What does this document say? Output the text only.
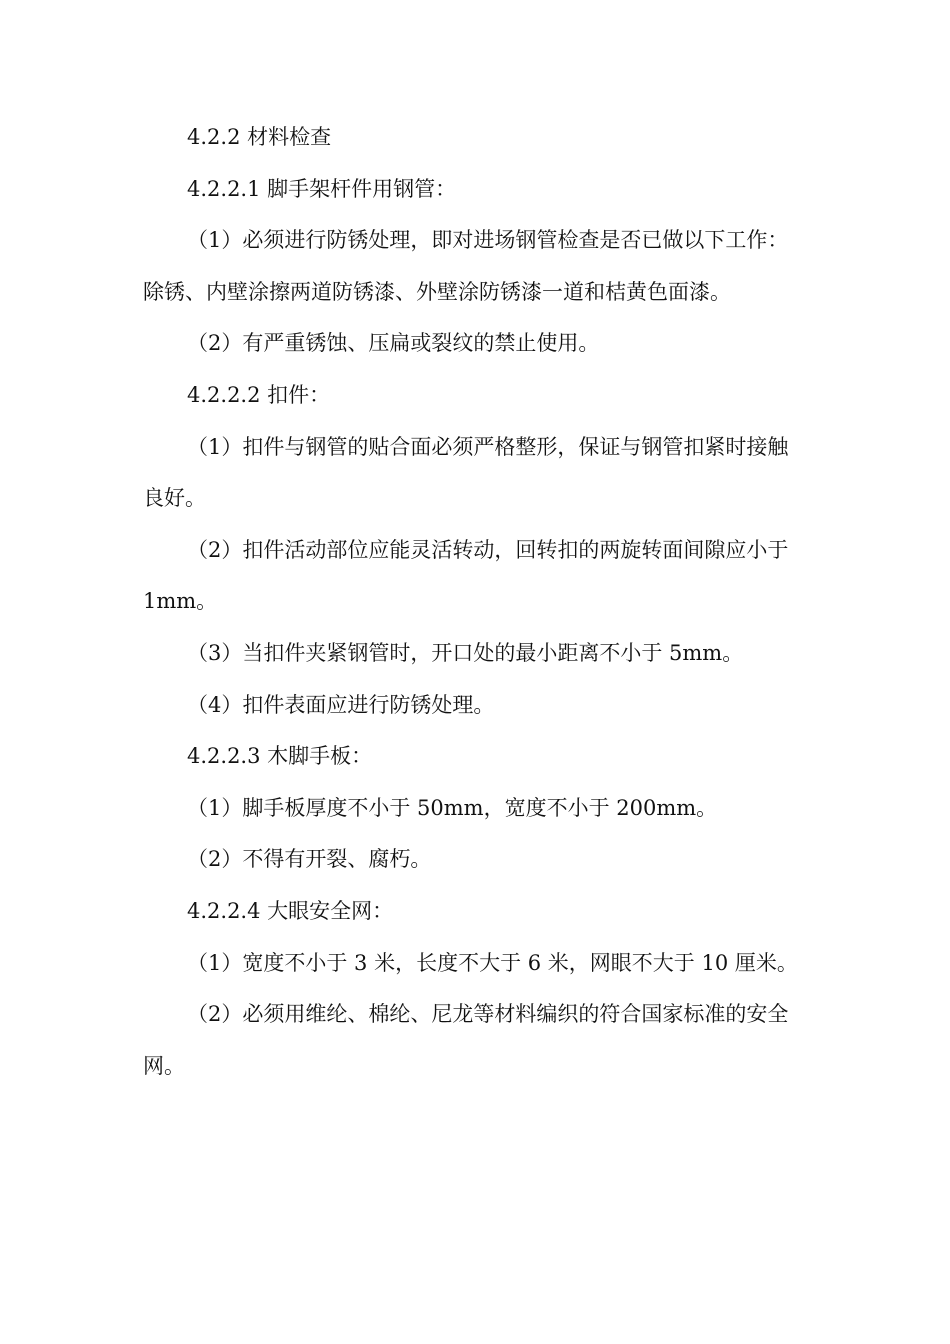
4.2.2 材料检查

4.2.2.1 脚手架杆件用钢管：

（1）必须进行防锈处理，即对进场钢管检查是否已做以下工作：除锈、内壁涂擦两道防锈漆、外壁涂防锈漆一道和桔黄色面漆。

（2）有严重锈蚀、压扁或裂纹的禁止使用。

4.2.2.2 扣件：

（1）扣件与钢管的贴合面必须严格整形，保证与钢管扣紧时接触良好。

（2）扣件活动部位应能灵活转动，回转扣的两旋转面间隙应小于 1mm。

（3）当扣件夹紧钢管时，开口处的最小距离不小于 5mm。

（4）扣件表面应进行防锈处理。

4.2.2.3 木脚手板：

（1）脚手板厚度不小于 50mm，宽度不小于 200mm。

（2）不得有开裂、腐朽。

4.2.2.4 大眼安全网：

（1）宽度不小于 3 米，长度不大于 6 米，网眼不大于 10 厘米。

（2）必须用维纶、棉纶、尼龙等材料编织的符合国家标准的安全网。
